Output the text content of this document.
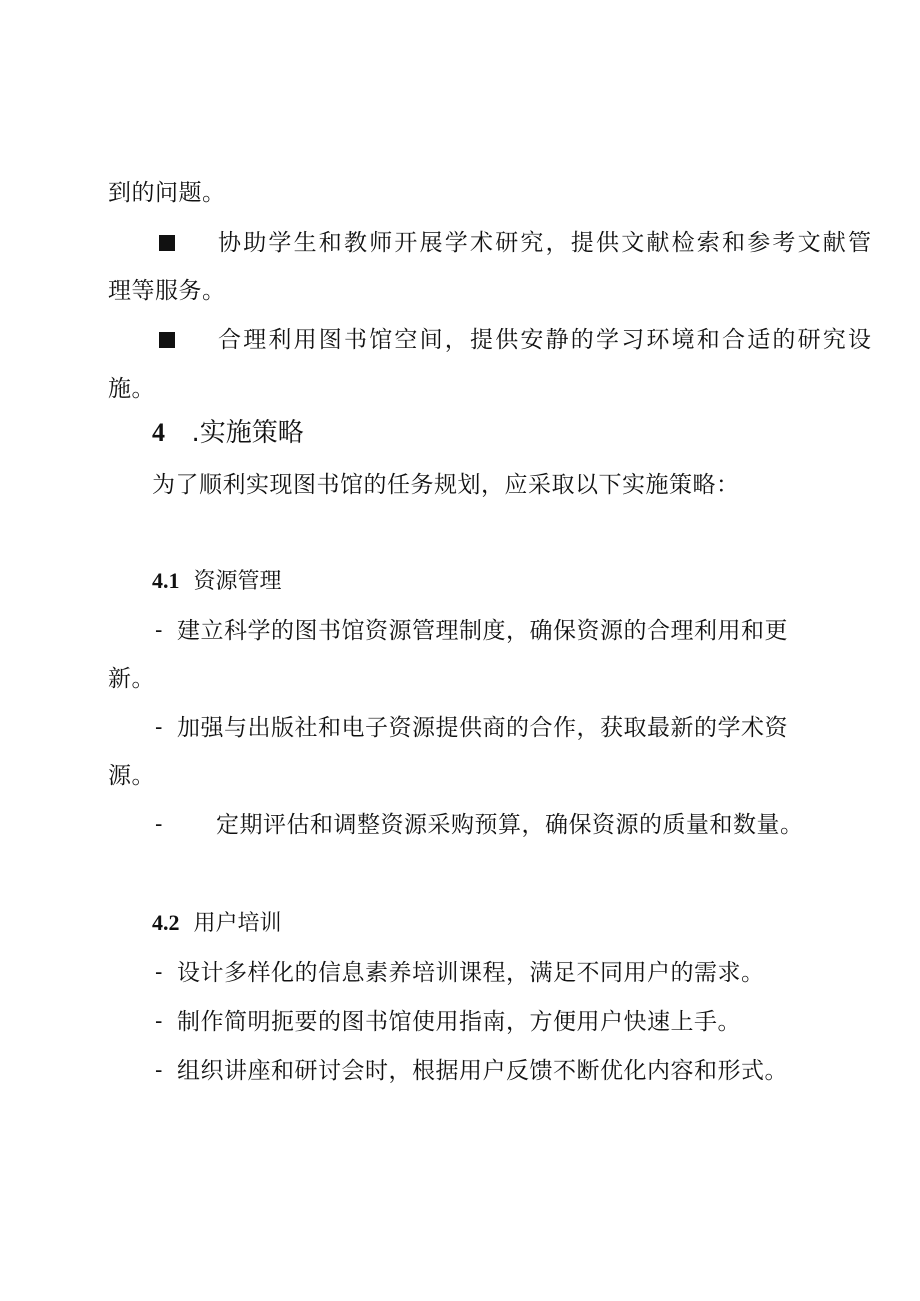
到的问题。
协助学生和教师开展学术研究，提供文献检索和参考文献管
理等服务。
合理利用图书馆空间，提供安静的学习环境和合适的研究设
施。
4 .实施策略
为了顺利实现图书馆的任务规划，应采取以下实施策略：
4.1 资源管理
- 建立科学的图书馆资源管理制度，确保资源的合理利用和更
新。
- 加强与出版社和电子资源提供商的合作，获取最新的学术资
源。
- 定期评估和调整资源采购预算，确保资源的质量和数量。
4.2 用户培训
- 设计多样化的信息素养培训课程，满足不同用户的需求。
- 制作简明扼要的图书馆使用指南，方便用户快速上手。
- 组织讲座和研讨会时，根据用户反馈不断优化内容和形式。
